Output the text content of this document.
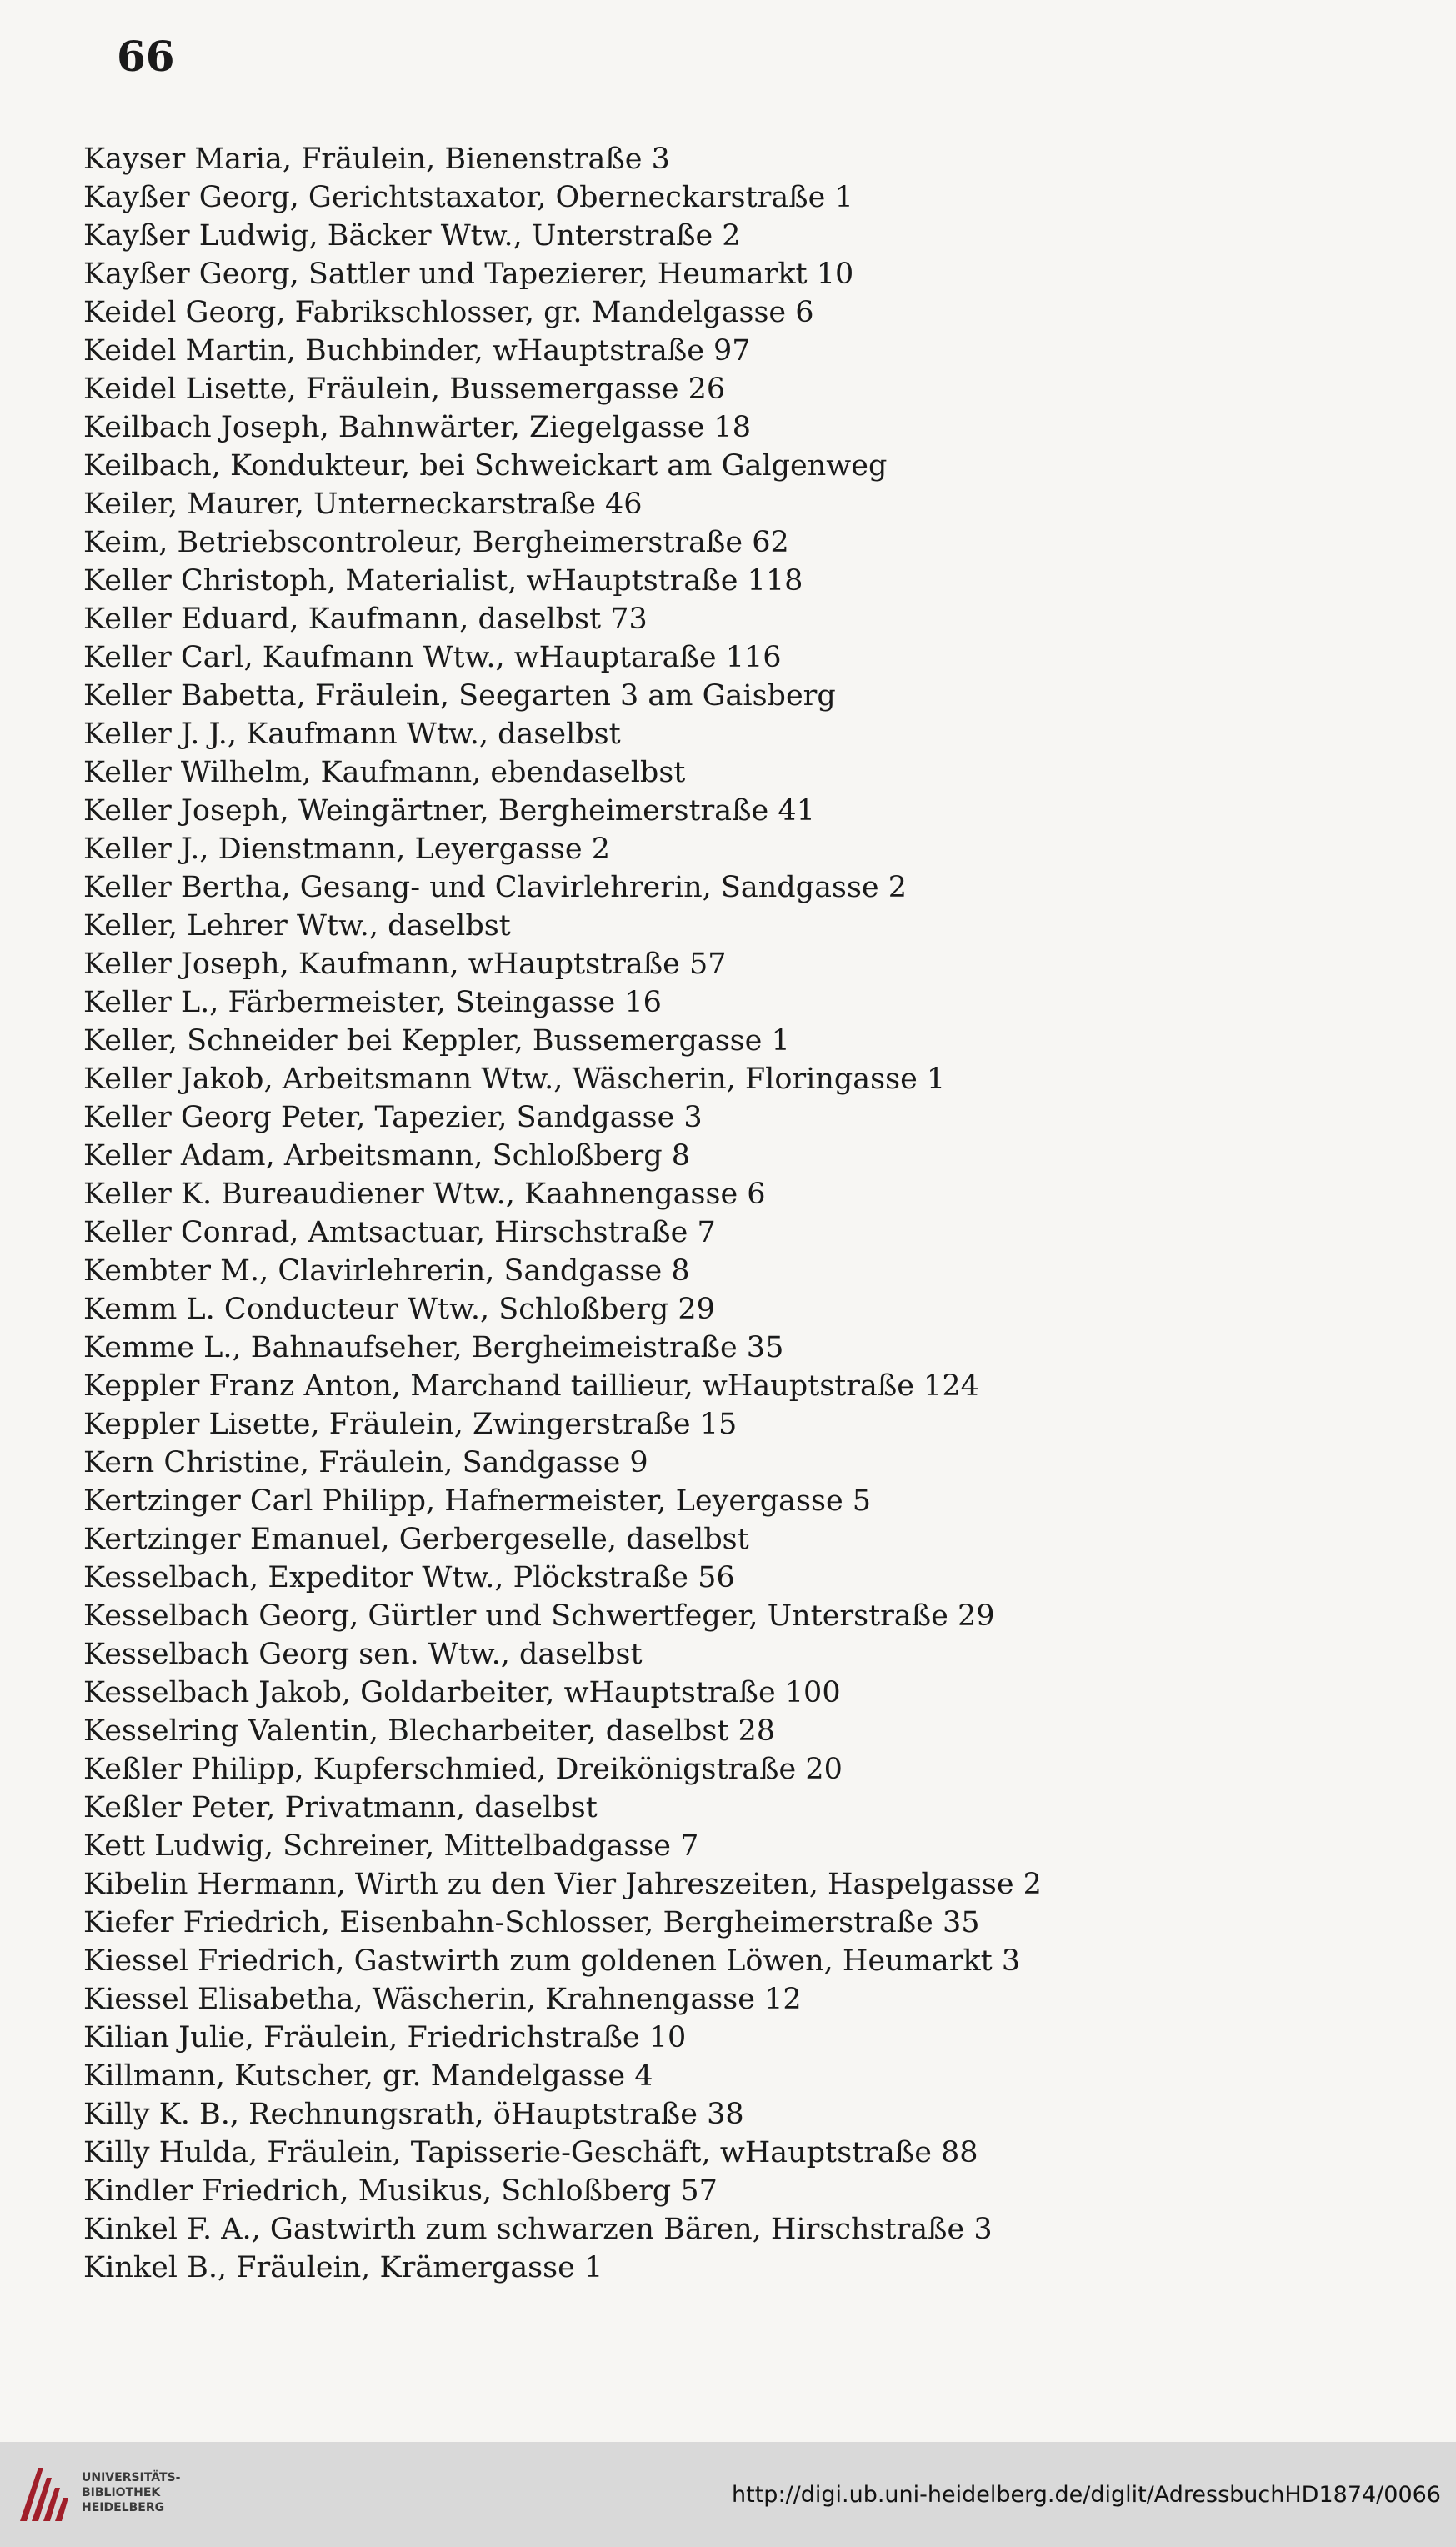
66
Kayser Maria, Fräulein, Bienenstraße 3
Kayßer Georg, Gerichtstaxator, Oberneckarstraße 1
Kayßer Ludwig, Bäcker Wtw., Unterstraße 2
Kayßer Georg, Sattler und Tapezierer, Heumarkt 10
Keidel Georg, Fabrikschlosser, gr. Mandelgasse 6
Keidel Martin, Buchbinder, wHauptstraße 97
Keidel Lisette, Fräulein, Bussemergasse 26
Keilbach Joseph, Bahnwärter, Ziegelgasse 18
Keilbach, Kondukteur, bei Schweickart am Galgenweg
Keiler, Maurer, Unterneckarstraße 46
Keim, Betriebscontroleur, Bergheimerstraße 62
Keller Christoph, Materialist, wHauptstraße 118
Keller Eduard, Kaufmann, daselbst 73
Keller Carl, Kaufmann Wtw., wHauptaraße 116
Keller Babetta, Fräulein, Seegarten 3 am Gaisberg
Keller J. J., Kaufmann Wtw., daselbst
Keller Wilhelm, Kaufmann, ebendaselbst
Keller Joseph, Weingärtner, Bergheimerstraße 41
Keller J., Dienstmann, Leyergasse 2
Keller Bertha, Gesang- und Clavirlehrerin, Sandgasse 2
Keller, Lehrer Wtw., daselbst
Keller Joseph, Kaufmann, wHauptstraße 57
Keller L., Färbermeister, Steingasse 16
Keller, Schneider bei Keppler, Bussemergasse 1
Keller Jakob, Arbeitsmann Wtw., Wäscherin, Floringasse 1
Keller Georg Peter, Tapezier, Sandgasse 3
Keller Adam, Arbeitsmann, Schloßberg 8
Keller K. Bureaudiener Wtw., Kaahnengasse 6
Keller Conrad, Amtsactuar, Hirschstraße 7
Kembter M., Clavirlehrerin, Sandgasse 8
Kemm L. Conducteur Wtw., Schloßberg 29
Kemme L., Bahnaufseher, Bergheimeistraße 35
Keppler Franz Anton, Marchand taillieur, wHauptstraße 124
Keppler Lisette, Fräulein, Zwingerstraße 15
Kern Christine, Fräulein, Sandgasse 9
Kertzinger Carl Philipp, Hafnermeister, Leyergasse 5
Kertzinger Emanuel, Gerbergeselle, daselbst
Kesselbach, Expeditor Wtw., Plöckstraße 56
Kesselbach Georg, Gürtler und Schwertfeger, Unterstraße 29
Kesselbach Georg sen. Wtw., daselbst
Kesselbach Jakob, Goldarbeiter, wHauptstraße 100
Kesselring Valentin, Blecharbeiter, daselbst 28
Keßler Philipp, Kupferschmied, Dreikönigstraße 20
Keßler Peter, Privatmann, daselbst
Kett Ludwig, Schreiner, Mittelbadgasse 7
Kibelin Hermann, Wirth zu den Vier Jahreszeiten, Haspelgasse 2
Kiefer Friedrich, Eisenbahn-Schlosser, Bergheimerstraße 35
Kiessel Friedrich, Gastwirth zum goldenen Löwen, Heumarkt 3
Kiessel Elisabetha, Wäscherin, Krahnengasse 12
Kilian Julie, Fräulein, Friedrichstraße 10
Killmann, Kutscher, gr. Mandelgasse 4
Killy K. B., Rechnungsrath, öHauptstraße 38
Killy Hulda, Fräulein, Tapisserie-Geschäft, wHauptstraße 88
Kindler Friedrich, Musikus, Schloßberg 57
Kinkel F. A., Gastwirth zum schwarzen Bären, Hirschstraße 3
Kinkel B., Fräulein, Krämergasse 1
UNIVERSITÄTS-
BIBLIOTHEK
HEIDELBERG	http://digi.ub.uni-heidelberg.de/diglit/AdressbuchHD1874/0066
